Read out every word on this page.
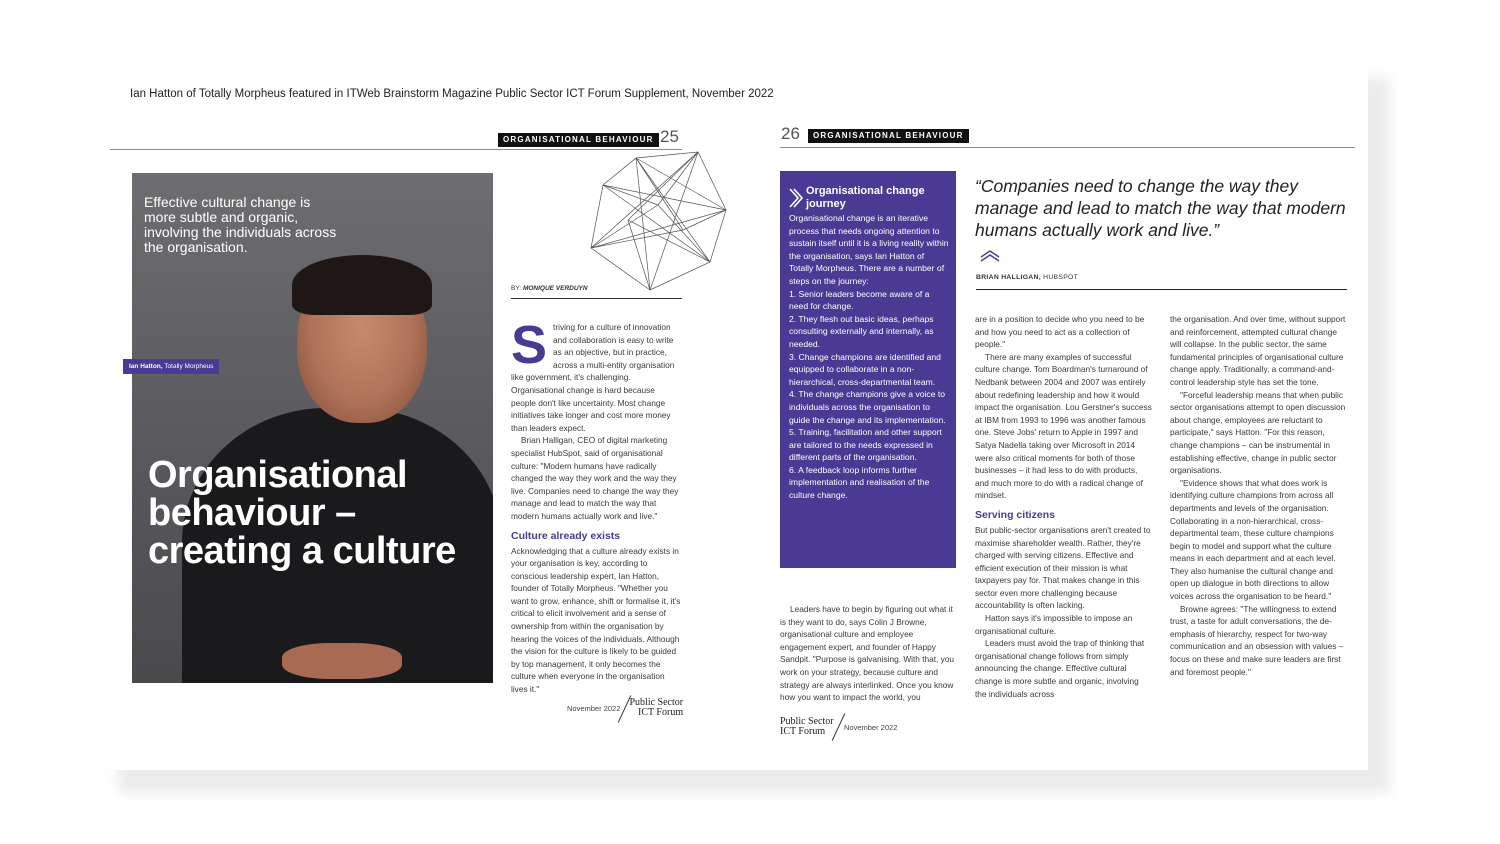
Ian Hatton of Totally Morpheus featured in ITWeb Brainstorm Magazine Public Sector ICT Forum Supplement, November 2022
ORGANISATIONAL BEHAVIOUR 25	26	ORGANISATIONAL BEHAVIOUR
Effective cultural change is more subtle and organic, involving the individuals across the organisation.
Organisational behaviour – creating a culture
Ian Hatton, Totally Morpheus
BY: MONIQUE VERDUYN
S triving for a culture of innovation and collaboration is easy to write as an objective, but in practice, across a multi-entity organisation like government, it's challenging. Organisational change is hard because people don't like uncertainty. Most change initiatives take longer and cost more money than leaders expect.

Brian Halligan, CEO of digital marketing specialist HubSpot, said of organisational culture: "Modern humans have radically changed the way they work and the way they live. Companies need to change the way they manage and lead to match the way that modern humans actually work and live."

Culture already exists

Acknowledging that a culture already exists in your organisation is key, according to conscious leadership expert, Ian Hatton, founder of Totally Morpheus. "Whether you want to grow, enhance, shift or formalise it, it's critical to elicit involvement and a sense of ownership from within the organisation by hearing the voices of the individuals. Although the vision for the culture is likely to be guided by top management, it only becomes the culture when everyone in the organisation lives it."

November 2022
Public Sector
ICT Forum
Organisational change journey

Organisational change is an iterative process that needs ongoing attention to sustain itself until it is a living reality within the organisation, says Ian Hatton of Totally Morpheus. There are a number of steps on the journey:

1. Senior leaders become aware of a need for change.

2. They flesh out basic ideas, perhaps consulting externally and internally, as needed.

3. Change champions are identified and equipped to collaborate in a non-hierarchical, cross-departmental team.

4. The change champions give a voice to individuals across the organisation to guide the change and its implementation.

5. Training, facilitation and other support are tailored to the needs expressed in different parts of the organisation.

6. A feedback loop informs further implementation and realisation of the culture change.

“Companies need to change the way they manage and lead to match the way that modern humans actually work and live.”
BRIAN HALLIGAN, HUBSPOT

Leaders have to begin by figuring out what it is they want to do, says Colin J Browne, organisational culture and employee engagement expert, and founder of Happy Sandpit. "Purpose is galvanising. With that, you work on your strategy, because culture and strategy are always interlinked. Once you know how you want to impact the world, you

are in a position to decide who you need to be and how you need to act as a collection of people."

There are many examples of successful culture change. Tom Boardman's turnaround of Nedbank between 2004 and 2007 was entirely about redefining leadership and how it would impact the organisation. Lou Gerstner's success at IBM from 1993 to 1996 was another famous one. Steve Jobs' return to Apple in 1997 and Satya Nadella taking over Microsoft in 2014 were also critical moments for both of those businesses – it had less to do with products, and much more to do with a radical change of mindset.

Serving citizens

But public-sector organisations aren't created to maximise shareholder wealth. Rather, they're charged with serving citizens. Effective and efficient execution of their mission is what taxpayers pay for. That makes change in this sector even more challenging because accountability is often lacking.

Hatton says it's impossible to impose an organisational culture.

Leaders must avoid the trap of thinking that organisational change follows from simply announcing the change. Effective cultural change is more subtle and organic, involving the individuals across

the organisation. And over time, without support and reinforcement, attempted cultural change will collapse. In the public sector, the same fundamental principles of organisational culture change apply. Traditionally, a command-and-control leadership style has set the tone.

"Forceful leadership means that when public sector organisations attempt to open discussion about change, employees are reluctant to participate," says Hatton. "For this reason, change champions – can be instrumental in establishing effective, change in public sector organisations.

"Evidence shows that what does work is identifying culture champions from across all departments and levels of the organisation. Collaborating in a non-hierarchical, cross-departmental team, these culture champions begin to model and support what the culture means in each department and at each level. They also humanise the cultural change and open up dialogue in both directions to allow voices across the organisation to be heard."

Browne agrees: "The willingness to extend trust, a taste for adult conversations, the de-emphasis of hierarchy, respect for two-way communication and an obsession with values – focus on these and make sure leaders are first and foremost people."

Public Sector
ICT Forum	November 2022
